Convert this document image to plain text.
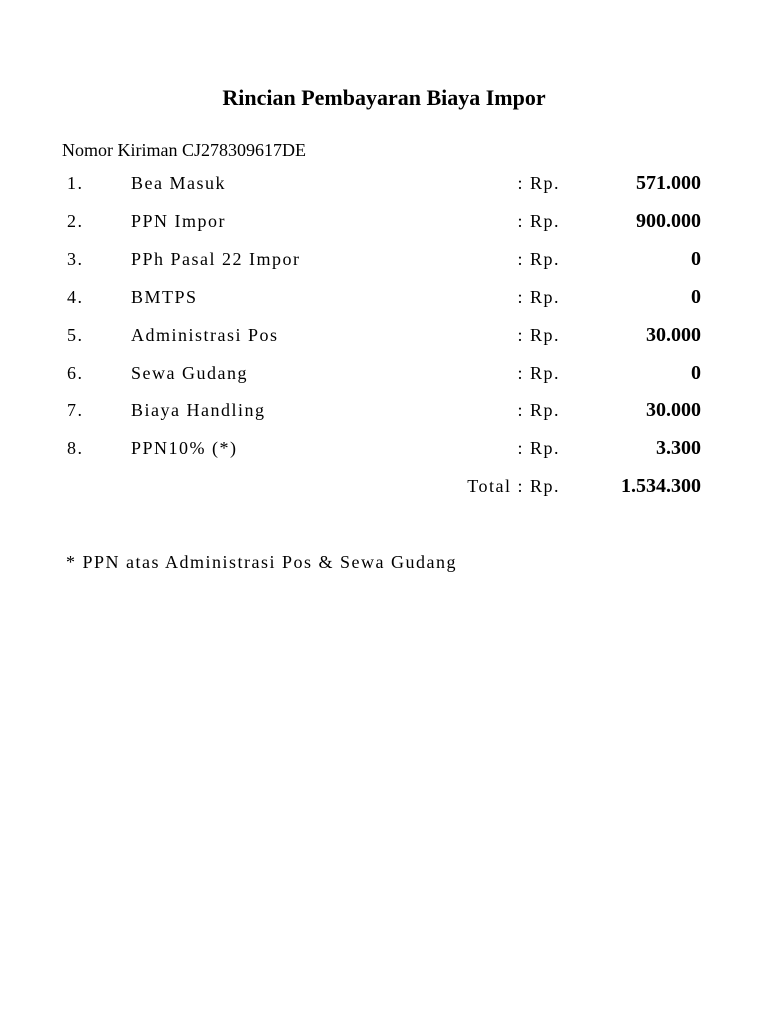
Rincian Pembayaran Biaya Impor
Nomor Kiriman CJ278309617DE
1.	Bea Masuk	: Rp.	571.000
2.	PPN Impor	: Rp.	900.000
3.	PPh Pasal 22 Impor	: Rp.	0
4.	BMTPS	: Rp.	0
5.	Administrasi Pos	: Rp.	30.000
6.	Sewa Gudang	: Rp.	0
7.	Biaya Handling	: Rp.	30.000
8.	PPN10% (*)	: Rp.	3.300
Total : Rp.	1.534.300
* PPN atas Administrasi Pos & Sewa Gudang
